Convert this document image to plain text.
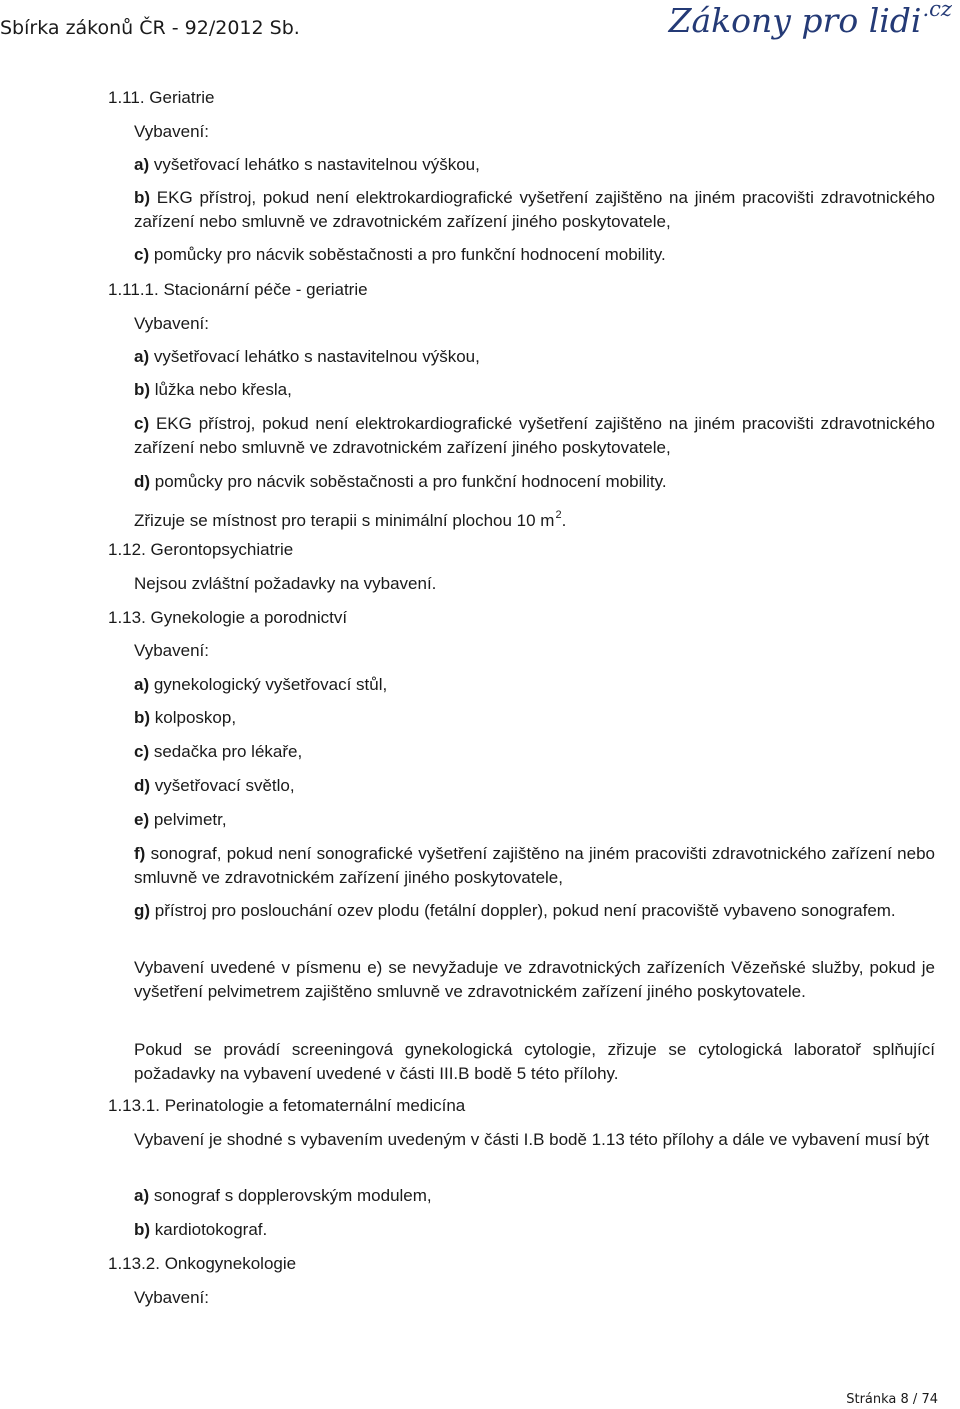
Sbírka zákonů ČR - 92/2012 Sb.	Zákony pro lidi$^{.cz}$

1.11. Geriatrie

Vybavení:

a) vyšetřovací lehátko s nastavitelnou výškou,

b) EKG přístroj, pokud není elektrokardiografické vyšetření zajištěno na jiném pracovišti zdravotnického zařízení nebo smluvně ve zdravotnickém zařízení jiného poskytovatele,

c) pomůcky pro nácvik soběstačnosti a pro funkční hodnocení mobility.

1.11.1. Stacionární péče - geriatrie

Vybavení:

a) vyšetřovací lehátko s nastavitelnou výškou,

b) lůžka nebo křesla,

c) EKG přístroj, pokud není elektrokardiografické vyšetření zajištěno na jiném pracovišti zdravotnického zařízení nebo smluvně ve zdravotnickém zařízení jiného poskytovatele,

d) pomůcky pro nácvik soběstačnosti a pro funkční hodnocení mobility.

Zřizuje se místnost pro terapii s minimální plochou 10 $m^2$.

1.12. Gerontopsychiatrie

Nejsou zvláštní požadavky na vybavení.

1.13. Gynekologie a porodnictví

Vybavení:

a) gynekologický vyšetřovací stůl,

b) kolposkop,

c) sedačka pro lékaře,

d) vyšetřovací světlo,

e) pelvimetr,

f) sonograf, pokud není sonografické vyšetření zajištěno na jiném pracovišti zdravotnického zařízení nebo smluvně ve zdravotnickém zařízení jiného poskytovatele,

g) přístroj pro poslouchání ozev plodu (fetální doppler), pokud není pracoviště vybaveno sonografem.

Vybavení uvedené v písmenu e) se nevyžaduje ve zdravotnických zařízeních Vězeňské služby, pokud je vyšetření pelvimetrem zajištěno smluvně ve zdravotnickém zařízení jiného poskytovatele.

Pokud se provádí screeningová gynekologická cytologie, zřizuje se cytologická laboratoř splňující požadavky na vybavení uvedené v části III.B bodě 5 této přílohy.

1.13.1. Perinatologie a fetomaternální medicína

Vybavení je shodné s vybavením uvedeným v části I.B bodě 1.13 této přílohy a dále ve vybavení musí být

a) sonograf s dopplerovským modulem,

b) kardiotokograf.

1.13.2. Onkogynekologie

Vybavení:

Stránka 8 / 74
